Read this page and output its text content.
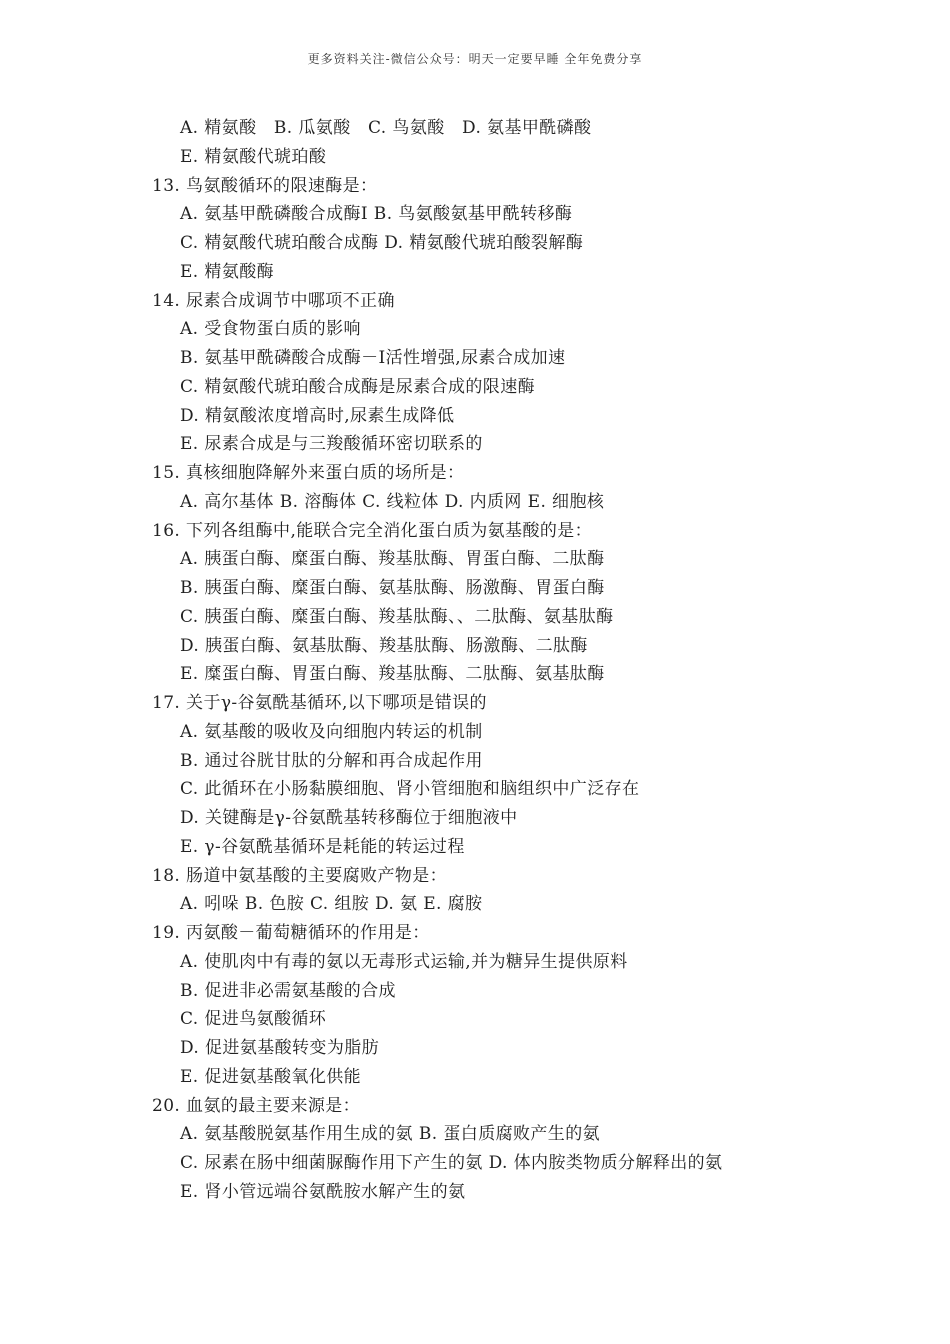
更多资料关注-微信公众号：明天一定要早睡 全年免费分享
A. 精氨酸   B. 瓜氨酸   C. 鸟氨酸   D. 氨基甲酰磷酸
E. 精氨酸代琥珀酸
13. 鸟氨酸循环的限速酶是：
A. 氨基甲酰磷酸合成酶Ⅰ B. 鸟氨酸氨基甲酰转移酶
C. 精氨酸代琥珀酸合成酶 D. 精氨酸代琥珀酸裂解酶
E. 精氨酸酶
14. 尿素合成调节中哪项不正确
A. 受食物蛋白质的影响
B. 氨基甲酰磷酸合成酶－Ⅰ活性增强,尿素合成加速
C. 精氨酸代琥珀酸合成酶是尿素合成的限速酶
D. 精氨酸浓度增高时,尿素生成降低
E. 尿素合成是与三羧酸循环密切联系的
15. 真核细胞降解外来蛋白质的场所是：
A. 高尔基体 B. 溶酶体 C. 线粒体 D. 内质网 E. 细胞核
16. 下列各组酶中,能联合完全消化蛋白质为氨基酸的是：
A. 胰蛋白酶、糜蛋白酶、羧基肽酶、胃蛋白酶、二肽酶
B. 胰蛋白酶、糜蛋白酶、氨基肽酶、肠激酶、胃蛋白酶
C. 胰蛋白酶、糜蛋白酶、羧基肽酶、、二肽酶、氨基肽酶
D. 胰蛋白酶、氨基肽酶、羧基肽酶、肠激酶、二肽酶
E. 糜蛋白酶、胃蛋白酶、羧基肽酶、二肽酶、氨基肽酶
17. 关于γ-谷氨酰基循环,以下哪项是错误的
A. 氨基酸的吸收及向细胞内转运的机制
B. 通过谷胱甘肽的分解和再合成起作用
C. 此循环在小肠黏膜细胞、肾小管细胞和脑组织中广泛存在
D. 关键酶是γ-谷氨酰基转移酶位于细胞液中
E. γ-谷氨酰基循环是耗能的转运过程
18. 肠道中氨基酸的主要腐败产物是：
A. 吲哚 B. 色胺 C. 组胺 D. 氨 E. 腐胺
19. 丙氨酸－葡萄糖循环的作用是：
A. 使肌肉中有毒的氨以无毒形式运输,并为糖异生提供原料
B. 促进非必需氨基酸的合成
C. 促进鸟氨酸循环
D. 促进氨基酸转变为脂肪
E. 促进氨基酸氧化供能
20. 血氨的最主要来源是：
A. 氨基酸脱氨基作用生成的氨 B. 蛋白质腐败产生的氨
C. 尿素在肠中细菌脲酶作用下产生的氨 D. 体内胺类物质分解释出的氨
E. 肾小管远端谷氨酰胺水解产生的氨
